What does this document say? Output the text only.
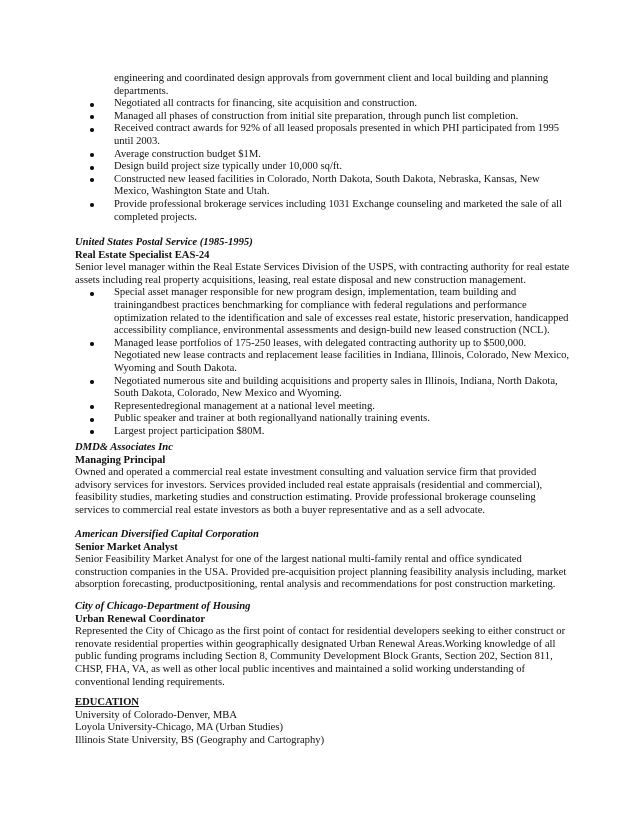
engineering and coordinated design approvals from government client and local building and planning
departments.
Negotiated all contracts for financing, site acquisition and construction.
Managed all phases of construction from initial site preparation, through punch list completion.
Received contract awards for 92% of all leased proposals presented in which PHI participated from 1995
until 2003.
Average construction budget $1M.
Design build project size typically under 10,000 sq/ft.
Constructed new leased facilities in Colorado, North Dakota, South Dakota, Nebraska, Kansas, New
Mexico, Washington State and Utah.
Provide professional brokerage services including 1031 Exchange counseling and marketed the sale of all
completed projects.
United States Postal Service (1985-1995)
Real Estate Specialist EAS-24
Senior level manager within the Real Estate Services Division of the USPS, with contracting authority for real estate
assets including real property acquisitions, leasing, real estate disposal and new construction management.
Special asset manager responsible for new program design, implementation, team building and
trainingandbest practices benchmarking for compliance with federal regulations and performance
optimization related to the identification and sale of excesses real estate, historic preservation, handicapped
accessibility compliance, environmental assessments and design-build new leased construction (NCL).
Managed lease portfolios of 175-250 leases, with delegated contracting authority up to $500,000.
Negotiated new lease contracts and replacement lease facilities in Indiana, Illinois, Colorado, New Mexico,
Wyoming and South Dakota.
Negotiated numerous site and building acquisitions and property sales in Illinois, Indiana, North Dakota,
South Dakota, Colorado, New Mexico and Wyoming.
Representedregional management at a national level meeting.
Public speaker and trainer at both regionallyand nationally training events.
Largest project participation $80M.
DMD& Associates Inc
Managing Principal
Owned and operated a commercial real estate investment consulting and valuation service firm that provided
advisory services for investors. Services provided included real estate appraisals (residential and commercial),
feasibility studies, marketing studies and construction estimating. Provide professional brokerage counseling
services to commercial real estate investors as both a buyer representative and as a sell advocate.
American Diversified Capital Corporation
Senior Market Analyst
Senior Feasibility Market Analyst for one of the largest national multi-family rental and office syndicated
construction companies in the USA. Provided pre-acquisition project planning feasibility analysis including, market
absorption forecasting, productpositioning, rental analysis and recommendations for post construction marketing.
City of Chicago-Department of Housing
Urban Renewal Coordinator
Represented the City of Chicago as the first point of contact for residential developers seeking to either construct or
renovate residential properties within geographically designated Urban Renewal Areas.Working knowledge of all
public funding programs including Section 8, Community Development Block Grants, Section 202, Section 811,
CHSP, FHA, VA, as well as other local public incentives and maintained a solid working understanding of
conventional lending requirements.
EDUCATION
University of Colorado-Denver, MBA
Loyola University-Chicago, MA (Urban Studies)
Illinois State University, BS (Geography and Cartography)
